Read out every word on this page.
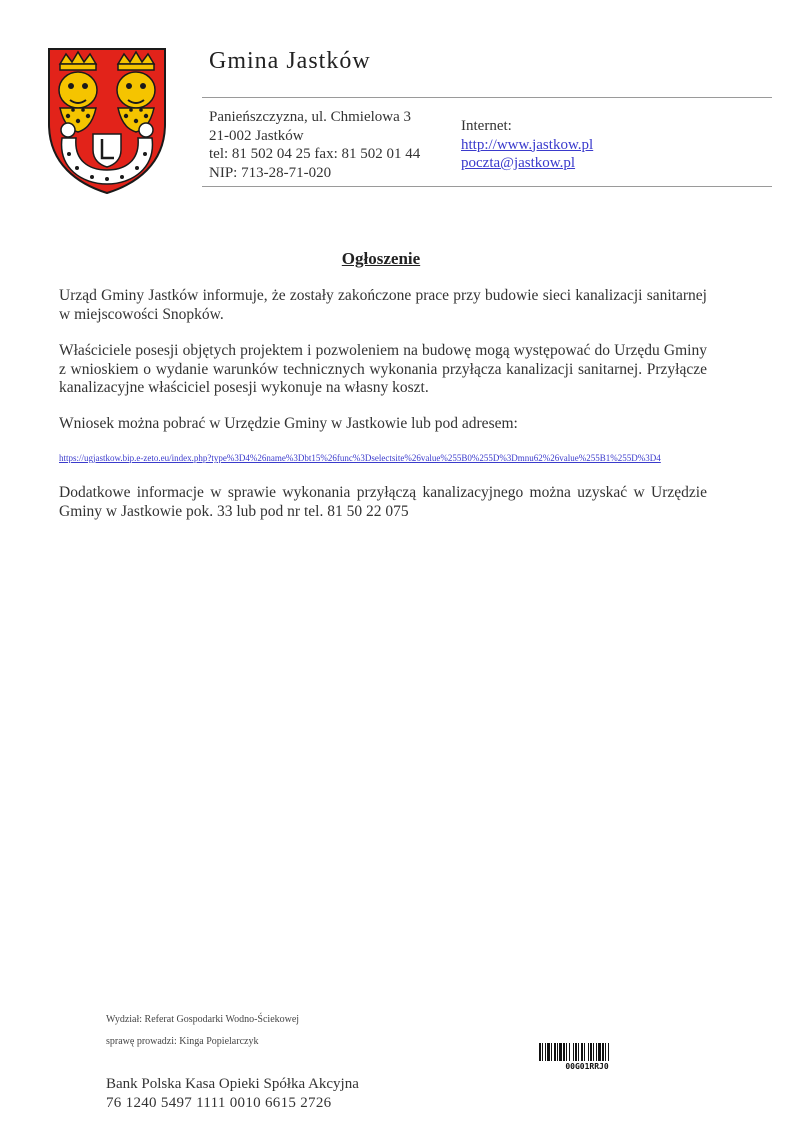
Gmina Jastków
Panieńszczyzna, ul. Chmielowa 3
21-002 Jastków
tel: 81 502 04 25 fax: 81 502 01 44
NIP: 713-28-71-020
Internet:
http://www.jastkow.pl
poczta@jastkow.pl
Ogłoszenie
Urząd Gminy Jastków informuje, że zostały zakończone prace przy budowie sieci kanalizacji sanitarnej w miejscowości Snopków.
Właściciele posesji objętych projektem i pozwoleniem na budowę mogą występować do Urzędu Gminy z wnioskiem o wydanie warunków technicznych wykonania przyłącza kanalizacji sanitarnej. Przyłącze kanalizacyjne właściciel posesji wykonuje na własny koszt.
Wniosek można pobrać w Urzędzie Gminy w Jastkowie lub pod adresem:
https://ugjastkow.bip.e-zeto.eu/index.php?type%3D4%26name%3Dbt15%26func%3Dselectsite%26value%255B0%255D%3Dmnu62%26value%255B1%255D%3D4
Dodatkowe informacje w sprawie wykonania przyłączą kanalizacyjnego można uzyskać w Urzędzie Gminy w Jastkowie pok. 33 lub pod nr tel. 81 50 22 075
Wydział: Referat Gospodarki Wodno-Ściekowej
sprawę prowadzi: Kinga Popielarczyk
00G01RRJ0
Bank Polska Kasa Opieki Spółka Akcyjna
76 1240 5497 1111 0010 6615 2726
